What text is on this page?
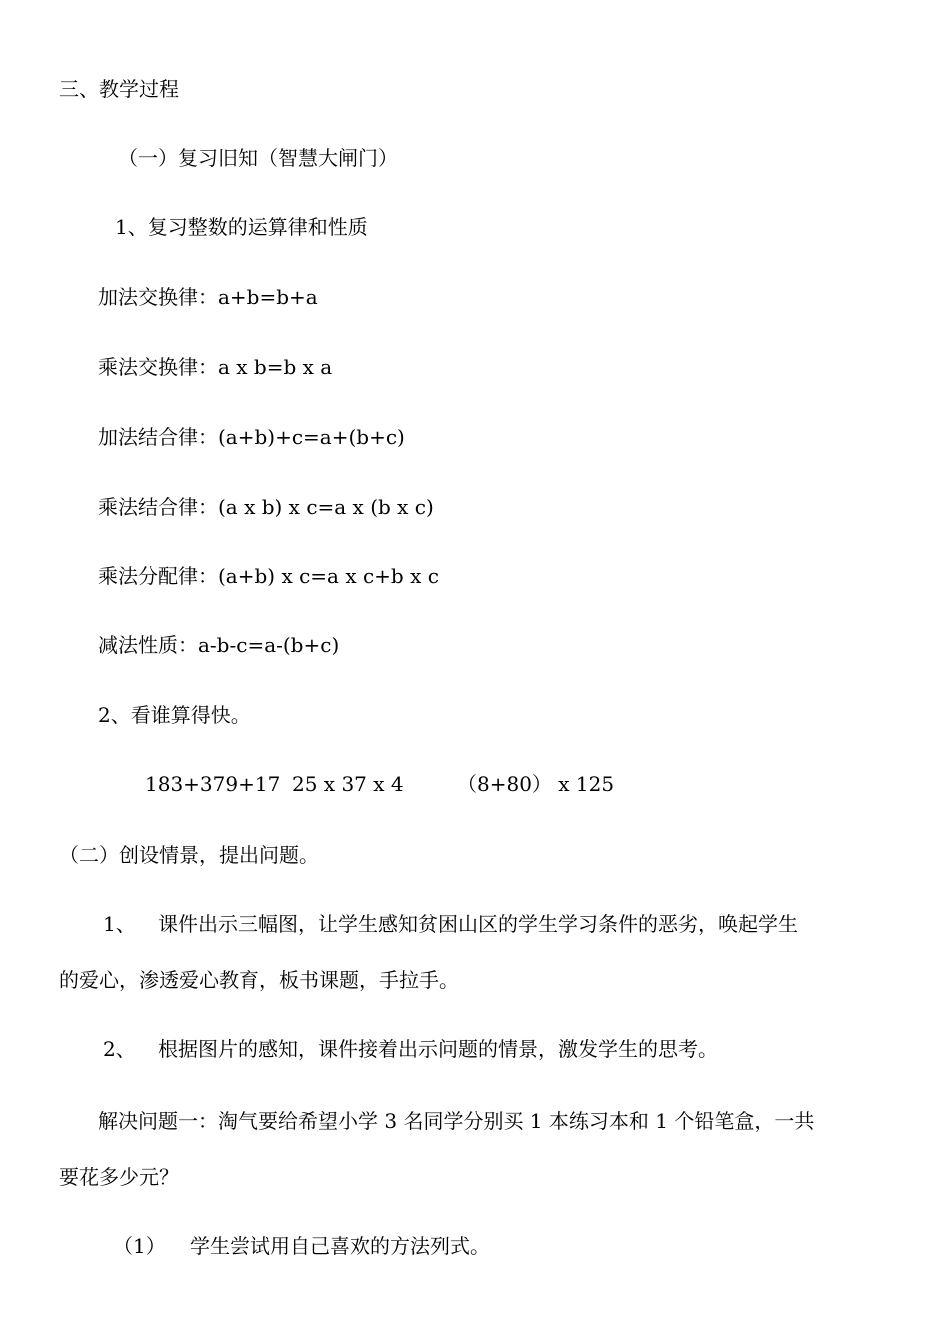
三、教学过程
（一）复习旧知（智慧大闸门）
1、复习整数的运算律和性质
加法交换律：a+b=b+a
乘法交换律：a x b=b x a
加法结合律：(a+b)+c=a+(b+c)
乘法结合律：(a x b) x c=a x (b x c)
乘法分配律：(a+b) x c=a x c+b x c
减法性质：a-b-c=a-(b+c)
2、看谁算得快。
183+379+17 25 x 37 x 4	（8+80） x 125
（二）创设情景，提出问题。
1、 课件出示三幅图，让学生感知贫困山区的学生学习条件的恶劣，唤起学生
的爱心，渗透爱心教育，板书课题，手拉手。
2、 根据图片的感知，课件接着出示问题的情景，激发学生的思考。
解决问题一：淘气要给希望小学 3 名同学分别买 1 本练习本和 1 个铅笔盒，一共
要花多少元？
（1） 学生尝试用自己喜欢的方法列式。
